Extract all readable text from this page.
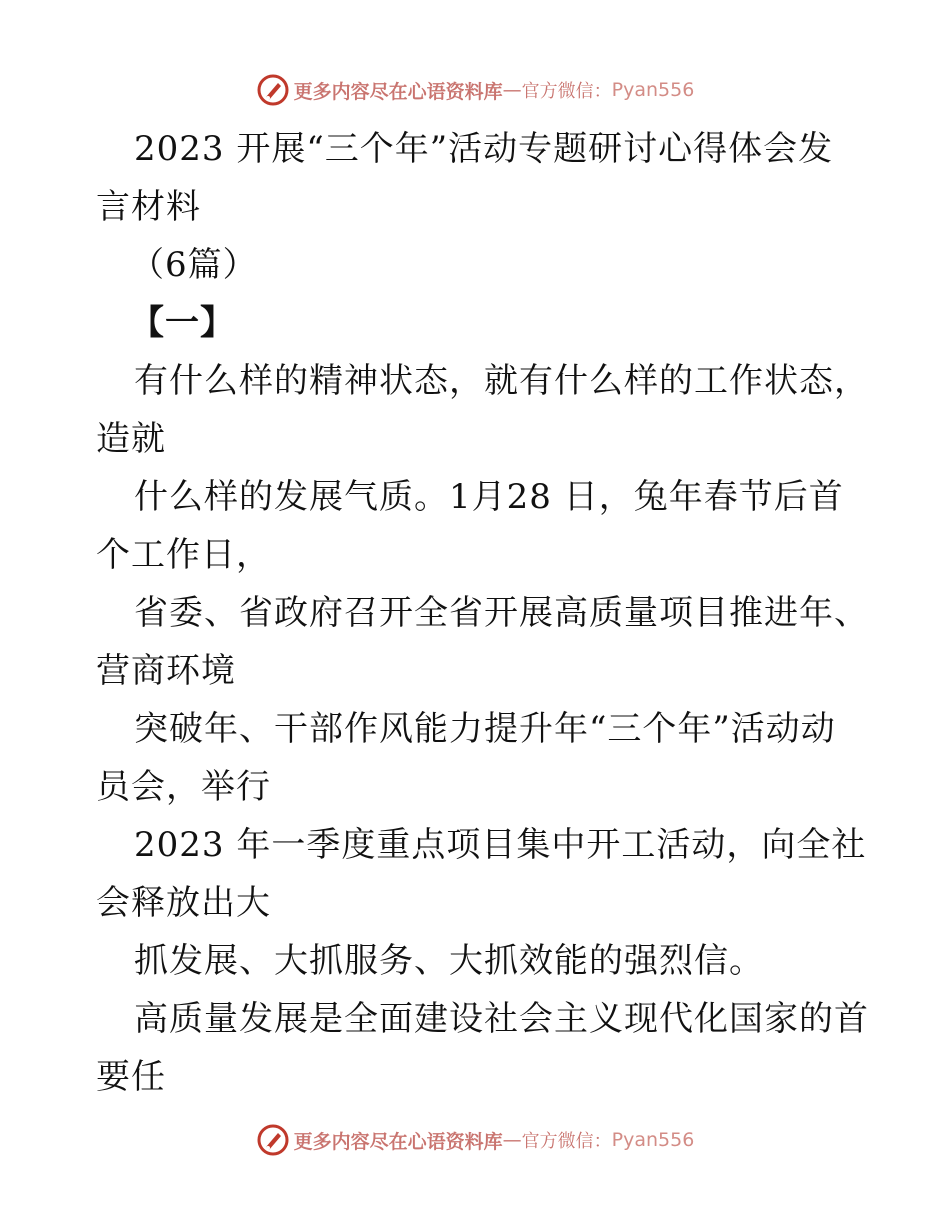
更多内容尽在心语资料库 — 官方微信： Pyan556
2023 开展“三个年”活动专题研讨心得体会发
言材料
（6篇）
【一】
有什么样的精神状态，就有什么样的工作状态，
造就
什么样的发展气质。1月28 日，兔年春节后首
个工作日，
省委、省政府召开全省开展高质量项目推进年、
营商环境
突破年、干部作风能力提升年“三个年”活动动
员会，举行
2023 年一季度重点项目集中开工活动，向全社
会释放出大
抓发展、大抓服务、大抓效能的强烈信。
高质量发展是全面建设社会主义现代化国家的首
要任
更多内容尽在心语资料库 — 官方微信： Pyan556
